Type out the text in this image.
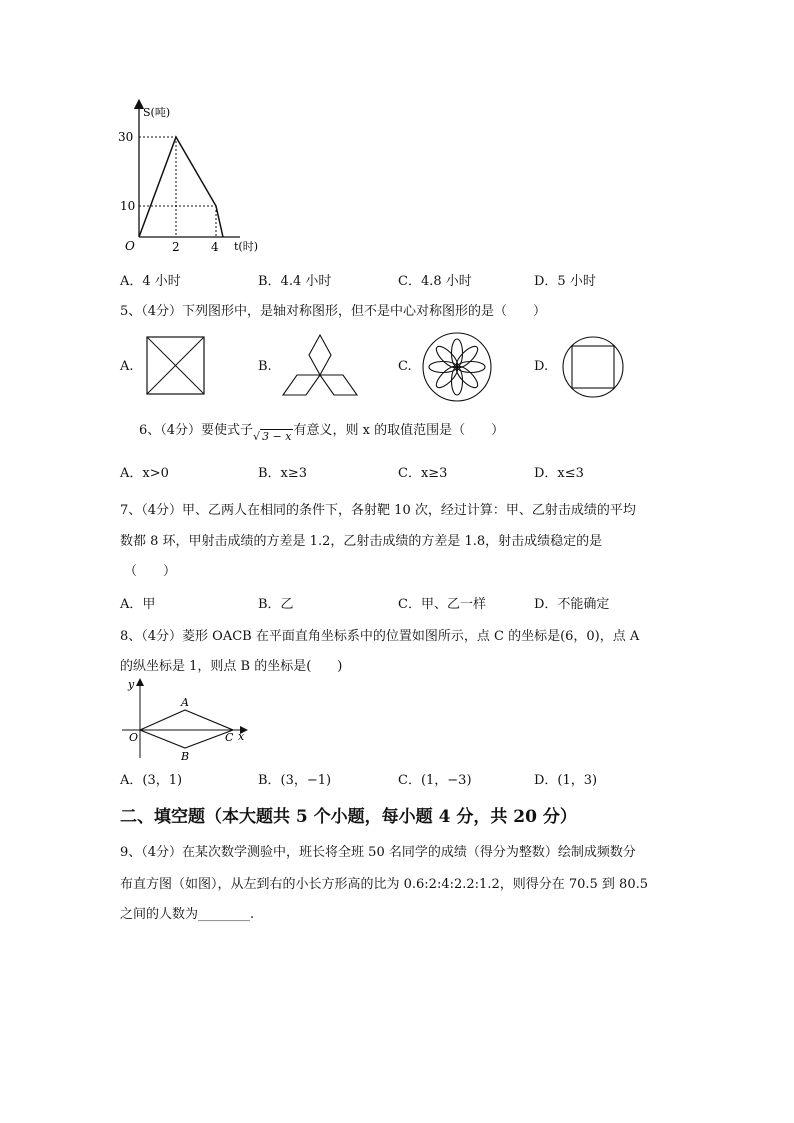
S(吨)
t(时)
O
30
10
2	4
A．4 小时	B．4.4 小时	C．4.8 小时	D．5 小时
5、（4分）下列图形中，是轴对称图形，但不是中心对称图形的是（　　）
A.	B.	C.	D.
6、（4分）要使式子√ 3 − x 有意义，则 x 的取值范围是（　　）
A．x>0	B．x≥3	C．x≥3	D．x≤3
7、（4分）甲、乙两人在相同的条件下，各射靶 10 次，经过计算：甲、乙射击成绩的平均
数都 8 环，甲射击成绩的方差是 1.2，乙射击成绩的方差是 1.8，射击成绩稳定的是
（　　）
A．甲	B．乙	C．甲、乙一样	D．不能确定
8、（4分）菱形 OACB 在平面直角坐标系中的位置如图所示，点 C 的坐标是(6，0)，点 A
的纵坐标是 1，则点 B 的坐标是(　　)
y
x
O
A
B
C
A．(3，1)	B．(3，−1)	C．(1，−3)	D．(1，3)
二、填空题（本大题共 5 个小题，每小题 4 分，共 20 分）
9、（4分）在某次数学测验中，班长将全班 50 名同学的成绩（得分为整数）绘制成频数分
布直方图（如图），从左到右的小长方形高的比为 0.6:2:4:2.2:1.2，则得分在 70.5 到 80.5
之间的人数为________.
